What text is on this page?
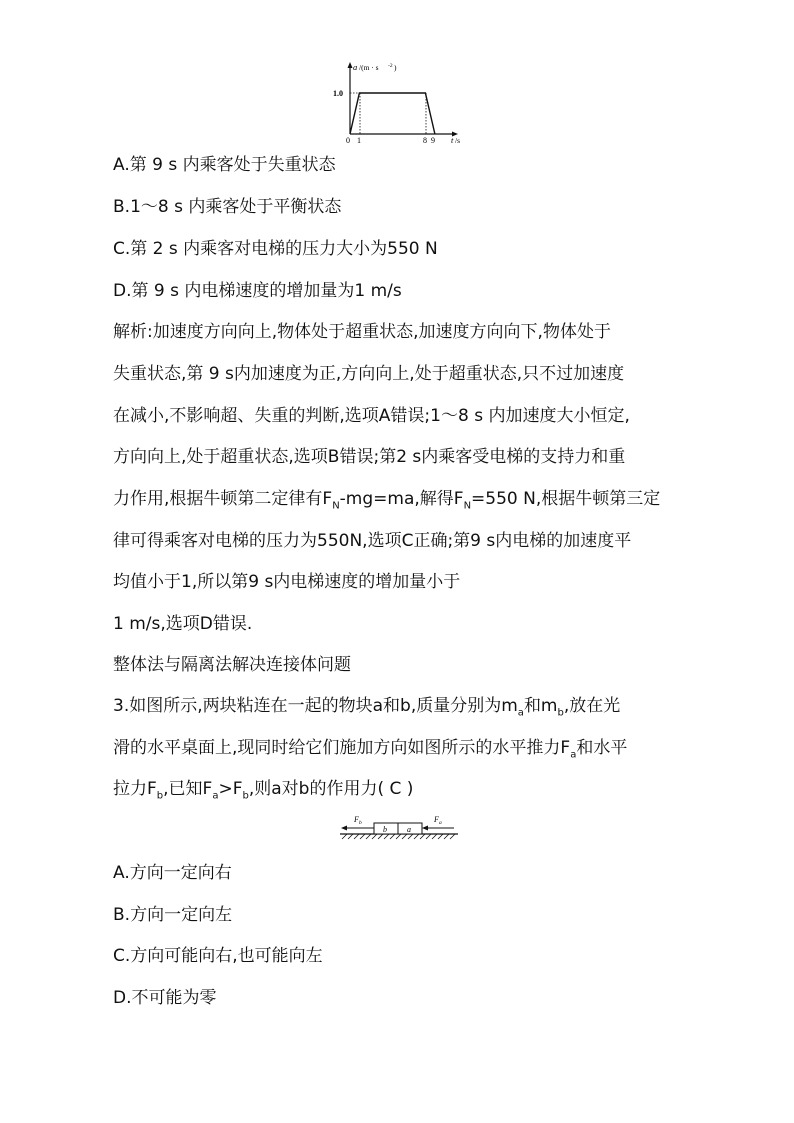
a /(m · s -2 )
1.0
0 1	8 9 t /s
A.第 9 s 内乘客处于失重状态
B.1～8 s 内乘客处于平衡状态
C.第 2 s 内乘客对电梯的压力大小为550 N
D.第 9 s 内电梯速度的增加量为1 m/s
解析:加速度方向向上,物体处于超重状态,加速度方向向下,物体处于
失重状态,第 9 s内加速度为正,方向向上,处于超重状态,只不过加速度
在减小,不影响超、失重的判断,选项A错误;1～8 s 内加速度大小恒定,
方向向上,处于超重状态,选项B错误;第2 s内乘客受电梯的支持力和重
力作用,根据牛顿第二定律有$F_N-mg=ma$,解得$F_N=550$ N,根据牛顿第三定
律可得乘客对电梯的压力为550N,选项C正确;第9 s内电梯的加速度平
均值小于1,所以第9 s内电梯速度的增加量小于
1 m/s,选项D错误.
整体法与隔离法解决连接体问题
3.如图所示,两块粘连在一起的物块a和b,质量分别为$m_a$和$m_b$,放在光
滑的水平桌面上,现同时给它们施加方向如图所示的水平推力$F_a$和水平
拉力$F_b$,已知$F_a>F_b$,则a对b的作用力( C )
b	a
F b	F a
A.方向一定向右
B.方向一定向左
C.方向可能向右,也可能向左
D.不可能为零
